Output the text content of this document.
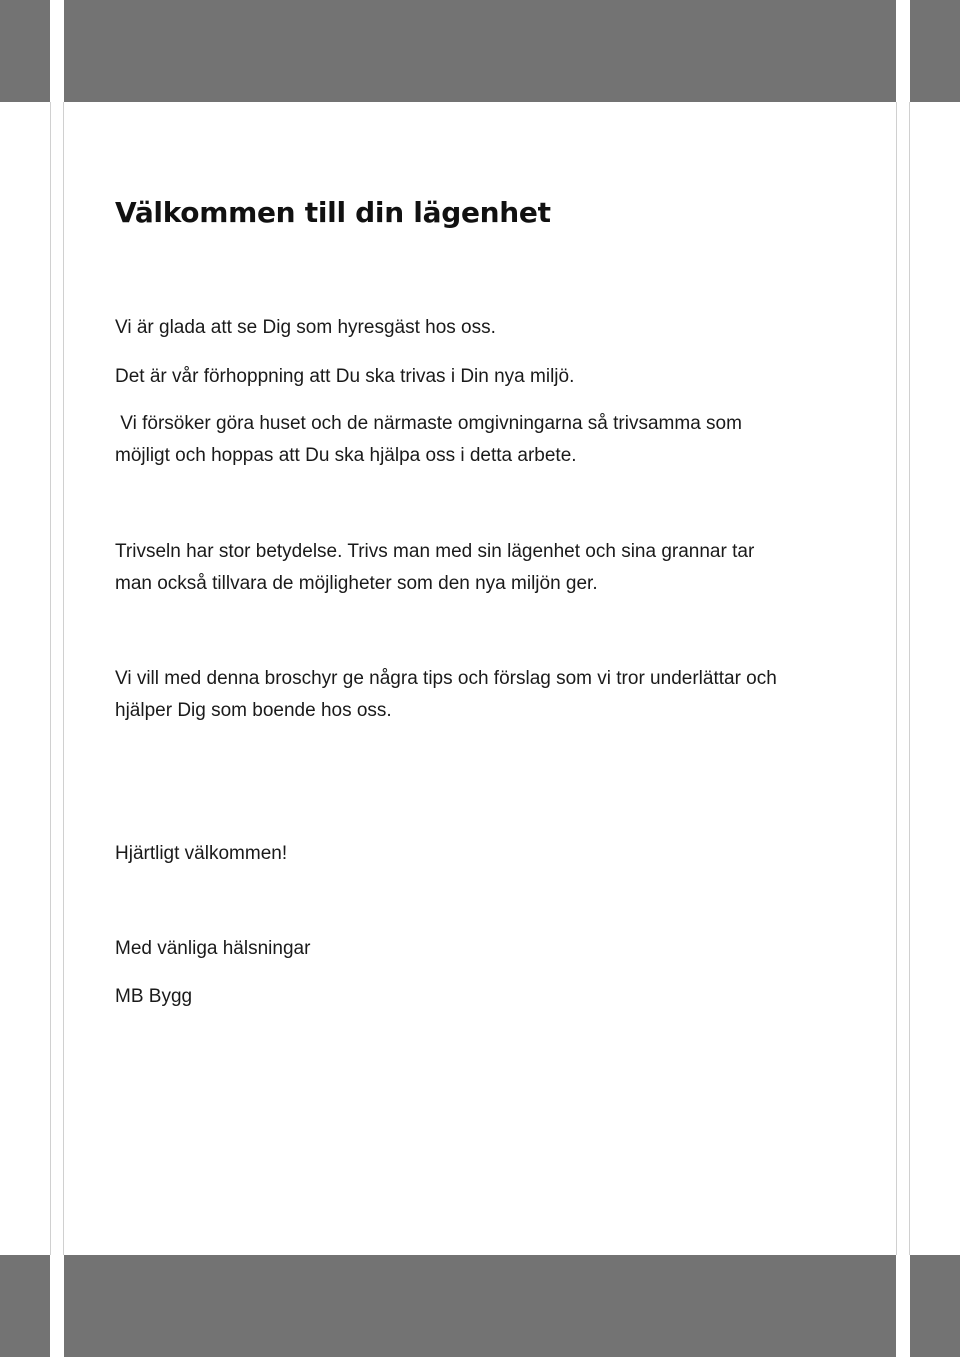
Välkommen till din lägenhet

Vi är glada att se Dig som hyresgäst hos oss.

Det är vår förhoppning att Du ska trivas i Din nya miljö.

Vi försöker göra huset och de närmaste omgivningarna så trivsamma som
möjligt och hoppas att Du ska hjälpa oss i detta arbete.

Trivseln har stor betydelse. Trivs man med sin lägenhet och sina grannar tar
man också tillvara de möjligheter som den nya miljön ger.

Vi vill med denna broschyr ge några tips och förslag som vi tror underlättar och
hjälper Dig som boende hos oss.

Hjärtligt välkommen!

Med vänliga hälsningar

MB Bygg
